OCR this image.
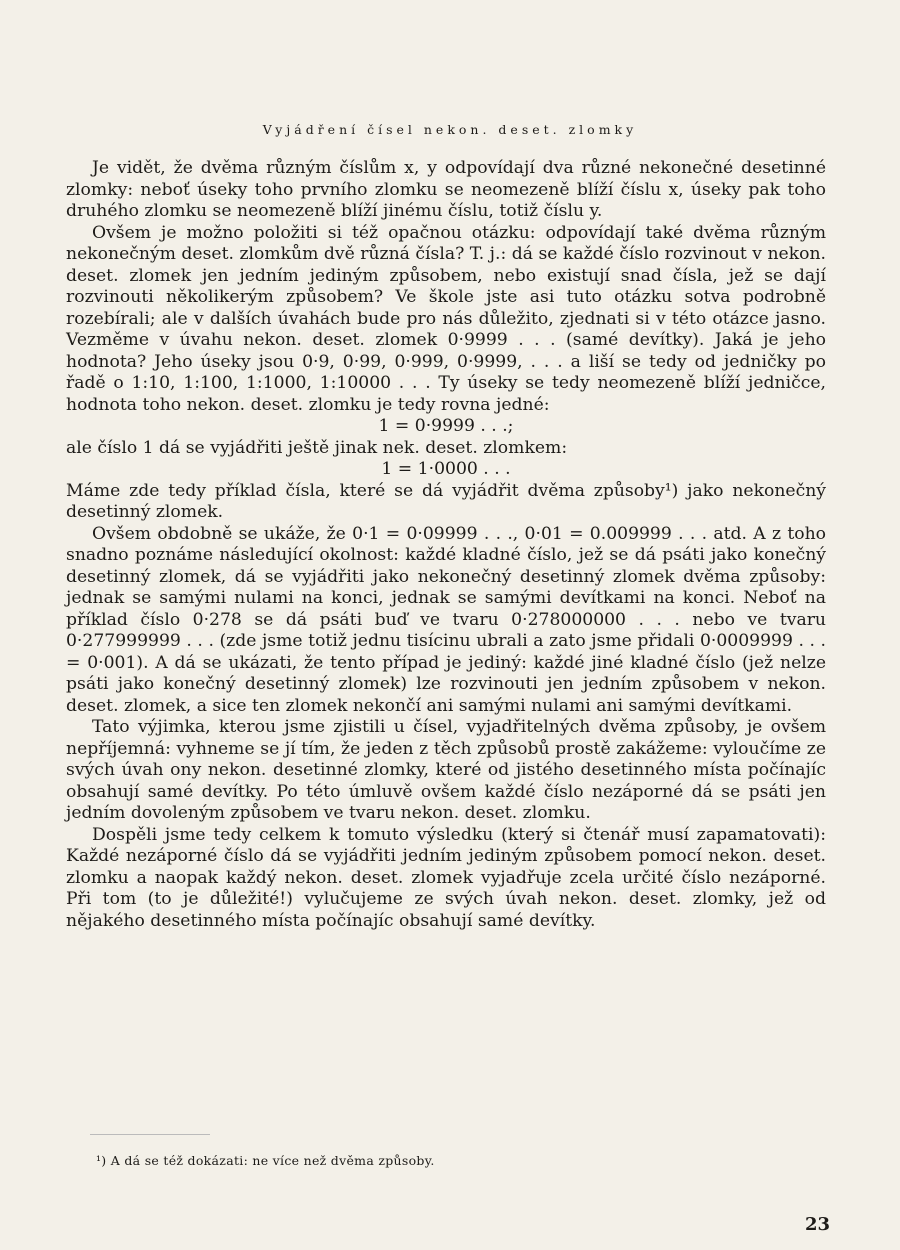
Vyjádření čísel nekon. deset. zlomky

Je vidět, že dvěma různým číslům x, y odpovídají dva různé nekonečné desetinné zlomky: neboť úseky toho prvního zlomku se neomezeně blíží číslu x, úseky pak toho druhého zlomku se neomezeně blíží jinému číslu, totiž číslu y.

Ovšem je možno položiti si též opačnou otázku: odpovídají také dvěma různým nekonečným deset. zlomkům dvě různá čísla? T. j.: dá se každé číslo rozvinout v nekon. deset. zlomek jen jedním jediným způsobem, nebo existují snad čísla, jež se dají rozvinouti několikerým způsobem? Ve škole jste asi tuto otázku sotva podrobně rozebírali; ale v dalších úvahách bude pro nás důležito, zjednati si v této otázce jasno. Vezměme v úvahu nekon. deset. zlomek 0·9999 . . . (samé devítky). Jaká je jeho hodnota? Jeho úseky jsou 0·9, 0·99, 0·999, 0·9999, . . . a liší se tedy od jedničky po řadě o 1:10, 1:100, 1:1000, 1:10000 . . . Ty úseky se tedy neomezeně blíží jedničce, hodnota toho nekon. deset. zlomku je tedy rovna jedné:

1 = 0·9999 . . .;

ale číslo 1 dá se vyjádřiti ještě jinak nek. deset. zlomkem:

1 = 1·0000 . . .

Máme zde tedy příklad čísla, které se dá vyjádřit dvěma způsoby¹) jako nekonečný desetinný zlomek.

Ovšem obdobně se ukáže, že 0·1 = 0·09999 . . ., 0·01 = 0.009999 . . . atd. A z toho snadno poznáme následující okolnost: každé kladné číslo, jež se dá psáti jako konečný desetinný zlomek, dá se vyjádřiti jako nekonečný desetinný zlomek dvěma způsoby: jednak se samými nulami na konci, jednak se samými devítkami na konci. Neboť na příklad číslo 0·278 se dá psáti buď ve tvaru 0·278000000 . . . nebo ve tvaru 0·277999999 . . . (zde jsme totiž jednu tisícinu ubrali a zato jsme přidali 0·0009999 . . . = 0·001). A dá se ukázati, že tento případ je jediný: každé jiné kladné číslo (jež nelze psáti jako konečný desetinný zlomek) lze rozvinouti jen jedním způsobem v nekon. deset. zlomek, a sice ten zlomek nekončí ani samými nulami ani samými devítkami.

Tato výjimka, kterou jsme zjistili u čísel, vyjadřitelných dvěma způsoby, je ovšem nepříjemná: vyhneme se jí tím, že jeden z těch způsobů prostě zakážeme: vyloučíme ze svých úvah ony nekon. desetinné zlomky, které od jistého desetinného místa počínajíc obsahují samé devítky. Po této úmluvě ovšem každé číslo nezáporné dá se psáti jen jedním dovoleným způsobem ve tvaru nekon. deset. zlomku.

Dospěli jsme tedy celkem k tomuto výsledku (který si čtenář musí zapamatovati): Každé nezáporné číslo dá se vyjádřiti jedním jediným způsobem pomocí nekon. deset. zlomku a naopak každý nekon. deset. zlomek vyjadřuje zcela určité číslo nezáporné. Při tom (to je důležité!) vylučujeme ze svých úvah nekon. deset. zlomky, jež od nějakého desetinného místa počínajíc obsahují samé devítky.

¹) A dá se též dokázati: ne více než dvěma způsoby.
23
